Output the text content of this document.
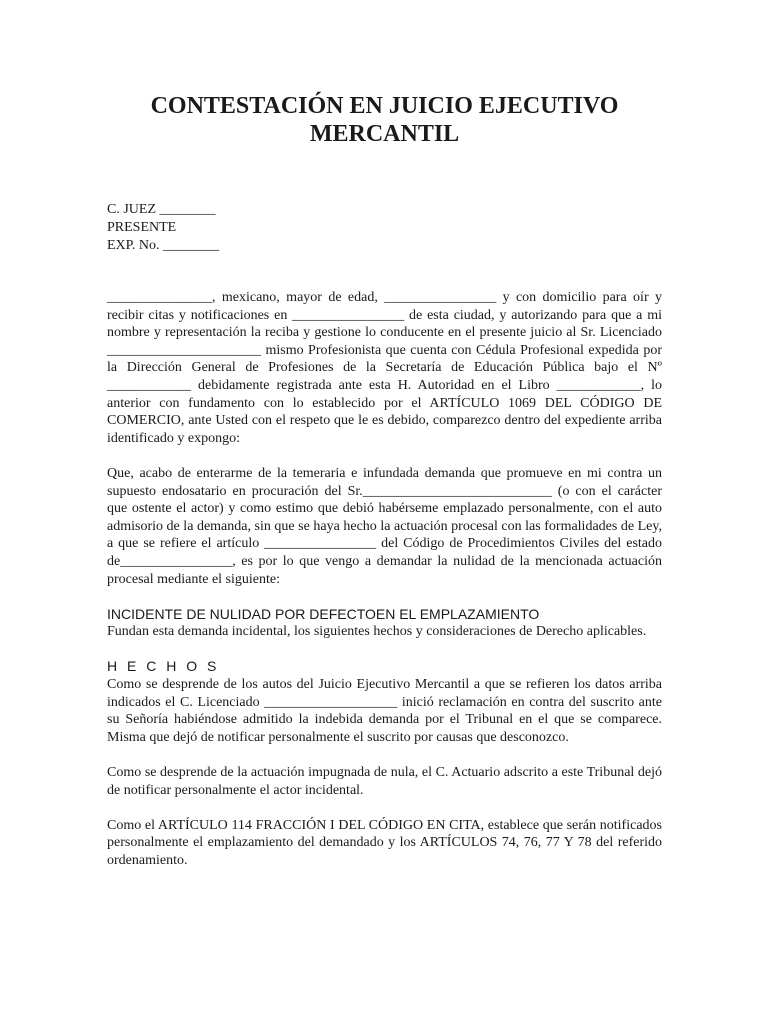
CONTESTACIÓN EN JUICIO EJECUTIVO MERCANTIL
C. JUEZ ________
PRESENTE
EXP. No. ________

_______________, mexicano, mayor de edad, ________________ y con domicilio para oír y recibir citas y notificaciones en ________________ de esta ciudad, y autorizando para que a mi nombre y representación la reciba y gestione lo conducente en el presente juicio al Sr. Licenciado ______________________ mismo Profesionista que cuenta con Cédula Profesional expedida por la Dirección General de Profesiones de la Secretaría de Educación Pública bajo el Nº ____________ debidamente registrada ante esta H. Autoridad en el Libro ____________, lo anterior con fundamento con lo establecido por el ARTÍCULO 1069 DEL CÓDIGO DE COMERCIO, ante Usted con el respeto que le es debido, comparezco dentro del expediente arriba identificado y expongo:

Que, acabo de enterarme de la temeraria e infundada demanda que promueve en mi contra un supuesto endosatario en procuración del Sr.___________________________ (o con el carácter que ostente el actor) y como estimo que debió habérseme emplazado personalmente, con el auto admisorio de la demanda, sin que se haya hecho la actuación procesal con las formalidades de Ley, a que se refiere el artículo ________________ del Código de Procedimientos Civiles del estado de________________, es por lo que vengo a demandar la nulidad de la mencionada actuación procesal mediante el siguiente:

INCIDENTE DE NULIDAD POR DEFECTOEN EL EMPLAZAMIENTO

Fundan esta demanda incidental, los siguientes hechos y consideraciones de Derecho aplicables.

H E C H O S

Como se desprende de los autos del Juicio Ejecutivo Mercantil a que se refieren los datos arriba indicados el C. Licenciado ___________________ inició reclamación en contra del suscrito ante su Señoría habiéndose admitido la indebida demanda por el Tribunal en el que se comparece. Misma que dejó de notificar personalmente el suscrito por causas que desconozco.

Como se desprende de la actuación impugnada de nula, el C. Actuario adscrito a este Tribunal dejó de notificar personalmente el actor incidental.

Como el ARTÍCULO 114 FRACCIÓN I DEL CÓDIGO EN CITA, establece que serán notificados personalmente el emplazamiento del demandado y los ARTÍCULOS 74, 76, 77 Y 78 del referido ordenamiento.
